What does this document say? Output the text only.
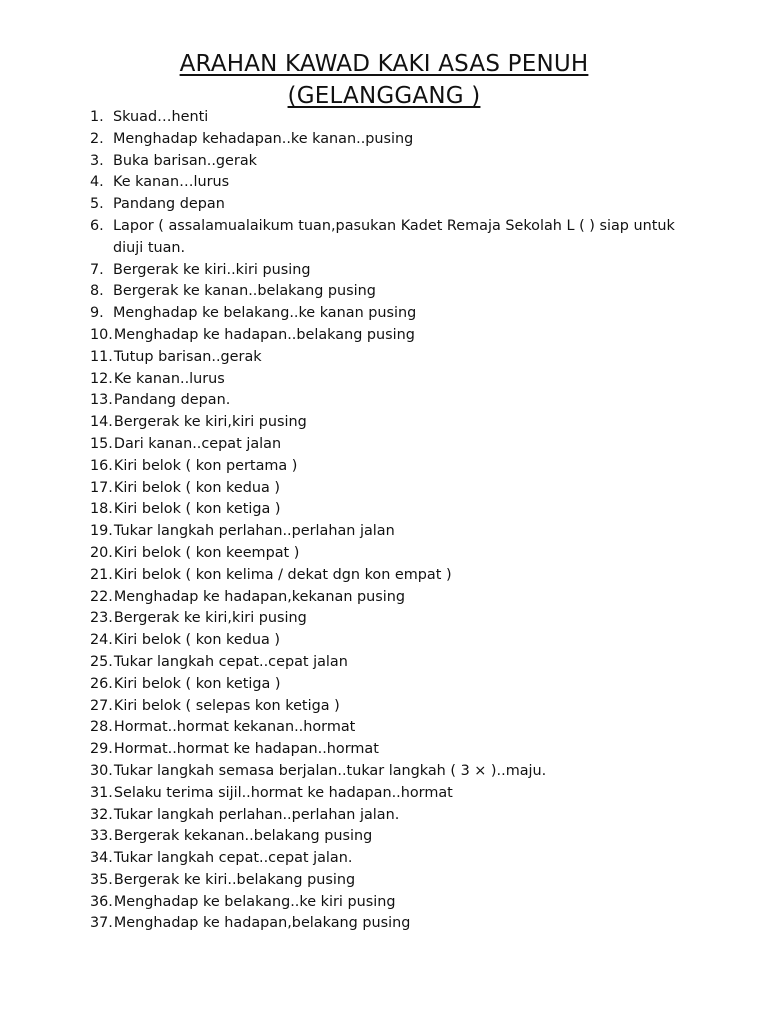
ARAHAN KAWAD KAKI ASAS PENUH
(GELANGGANG )
1. Skuad…henti
2. Menghadap kehadapan..ke kanan..pusing
3. Buka barisan..gerak
4. Ke kanan…lurus
5. Pandang depan
6. Lapor ( assalamualaikum tuan,pasukan Kadet Remaja Sekolah L ( ) siap untuk diuji tuan.
7. Bergerak ke kiri..kiri pusing
8. Bergerak ke kanan..belakang pusing
9. Menghadap ke belakang..ke kanan pusing
10. Menghadap ke hadapan..belakang pusing
11. Tutup barisan..gerak
12. Ke kanan..lurus
13. Pandang depan.
14. Bergerak ke kiri,kiri pusing
15. Dari kanan..cepat jalan
16. Kiri belok ( kon pertama )
17. Kiri belok ( kon kedua )
18. Kiri belok ( kon ketiga )
19. Tukar langkah perlahan..perlahan jalan
20. Kiri belok ( kon keempat )
21. Kiri belok ( kon kelima / dekat dgn kon empat )
22. Menghadap ke hadapan,kekanan pusing
23. Bergerak ke kiri,kiri pusing
24. Kiri belok ( kon kedua )
25. Tukar langkah cepat..cepat jalan
26. Kiri belok ( kon ketiga )
27. Kiri belok ( selepas kon ketiga )
28. Hormat..hormat kekanan..hormat
29. Hormat..hormat ke hadapan..hormat
30. Tukar langkah semasa berjalan..tukar langkah ( 3 × )..maju.
31. Selaku terima sijil..hormat ke hadapan..hormat
32. Tukar langkah perlahan..perlahan jalan.
33. Bergerak kekanan..belakang pusing
34. Tukar langkah cepat..cepat jalan.
35. Bergerak ke kiri..belakang pusing
36. Menghadap ke belakang..ke kiri pusing
37. Menghadap ke hadapan,belakang pusing
